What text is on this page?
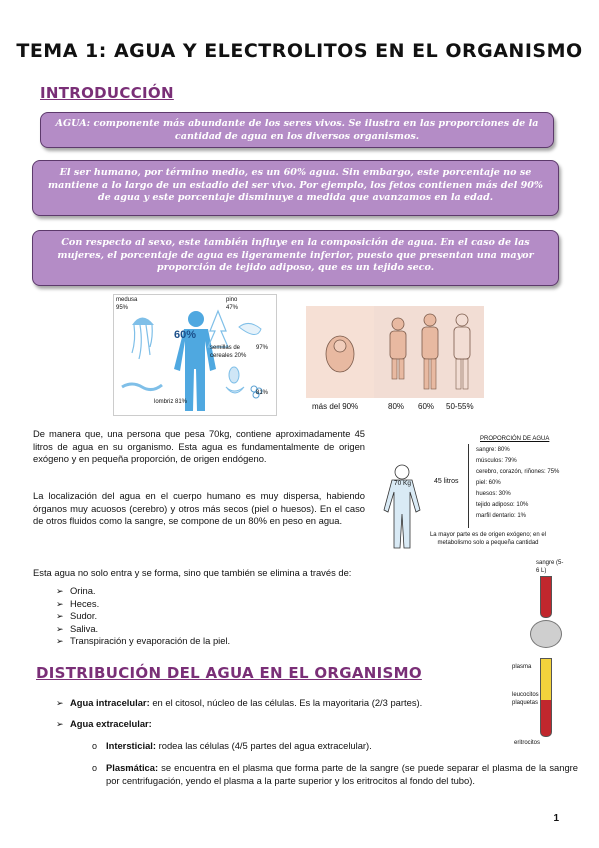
TEMA 1: AGUA Y ELECTROLITOS EN EL ORGANISMO
INTRODUCCIÓN
AGUA: componente más abundante de los seres vivos. Se ilustra en las proporciones de la cantidad de agua en los diversos organismos.
El ser humano, por término medio, es un 60% agua. Sin embargo, este porcentaje no se mantiene a lo largo de un estadio del ser vivo. Por ejemplo, los fetos contienen más del 90% de agua y este porcentaje disminuye a medida que avanzamos en la edad.
Con respecto al sexo, este también influye en la composición de agua. En el caso de las mujeres, el porcentaje de agua es ligeramente inferior, puesto que presentan una mayor proporción de tejido adiposo, que es un tejido seco.
medusa 95%
pino 47%
60%
semillas de cereales 20%
97%
81%
lombriz 81%	más del 90%	80% 60% 50-55%
De manera que, una persona que pesa 70kg, contiene aproximadamente 45 litros de agua en su organismo. Esta agua es fundamentalmente de origen exógeno y en pequeña proporción, de origen endógeno.
La localización del agua en el cuerpo humano es muy dispersa, habiendo órganos muy acuosos (cerebro) y otros más secos (piel o huesos). En el caso de otros fluidos como la sangre, se compone de un 80% en peso en agua.
Esta agua no solo entra y se forma, sino que también se elimina a través de:
70 Kg	45 litros
PROPORCIÓN DE AGUA
sangre: 80%
músculos: 79%
cerebro, corazón, riñones: 75%
piel: 60%
huesos: 30%
tejido adiposo: 10%
marfil dentario: 1%
La mayor parte es de origen exógeno; en el metabolismo solo a pequeña cantidad
➢ Orina.
➢ Heces.
➢ Sudor.
➢ Saliva.
➢ Transpiración y evaporación de la piel.
sangre (5-6 L)
plasma
leucocitos plaquetas
eritrocitos
DISTRIBUCIÓN DEL AGUA EN EL ORGANISMO
➢ Agua intracelular: en el citosol, núcleo de las células. Es la mayoritaria (2/3 partes).
➢ Agua extracelular:
o Intersticial: rodea las células (4/5 partes del agua extracelular).
o Plasmática: se encuentra en el plasma que forma parte de la sangre (se puede separar el plasma de la sangre por centrifugación, yendo el plasma a la parte superior y los eritrocitos al fondo del tubo).
1
